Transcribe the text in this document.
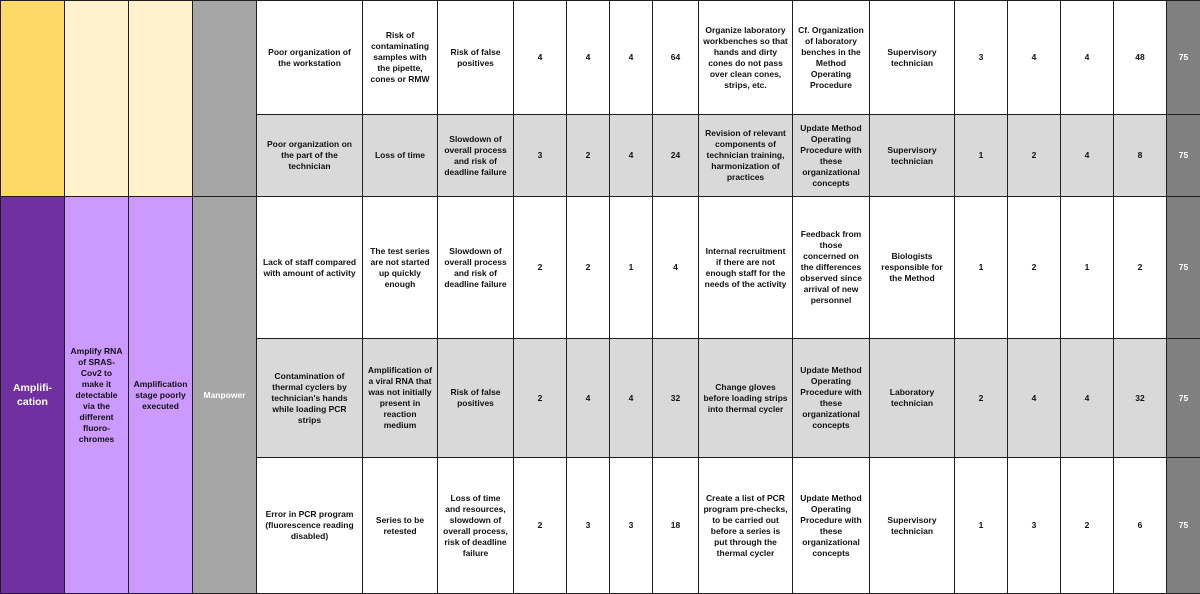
				Poor organization of the workstation	Risk of contaminating samples with the pipette, cones or RMW	Risk of false positives	4	4	4	64	Organize laboratory workbenches so that hands and dirty cones do not pass over clean cones, strips, etc.	Cf. Organization of laboratory benches in the Method Operating Procedure	Supervisory technician	3	4	4	48	75
				Poor organization on the part of the technician	Loss of time	Slowdown of overall process and risk of deadline failure	3	2	4	24	Revision of relevant components of technician training, harmonization of practices	Update Method Operating Procedure with these organizational concepts	Supervisory technician	1	2	4	8	75
Amplifi-cation	Amplify RNA of SRAS-Cov2 to make it detectable via the different fluoro-chromes	Amplification stage poorly executed	Manpower	Lack of staff compared with amount of activity	The test series are not started up quickly enough	Slowdown of overall process and risk of deadline failure	2	2	1	4	Internal recruitment if there are not enough staff for the needs of the activity	Feedback from those concerned on the differences observed since arrival of new personnel	Biologists responsible for the Method	1	2	1	2	75
				Contamination of thermal cyclers by technician's hands while loading PCR strips	Amplification of a viral RNA that was not initially present in reaction medium	Risk of false positives	2	4	4	32	Change gloves before loading strips into thermal cycler	Update Method Operating Procedure with these organizational concepts	Laboratory technician	2	4	4	32	75
				Error in PCR program (fluorescence reading disabled)	Series to be retested	Loss of time and resources, slowdown of overall process, risk of deadline failure	2	3	3	18	Create a list of PCR program pre-checks, to be carried out before a series is put through the thermal cycler	Update Method Operating Procedure with these organizational concepts	Supervisory technician	1	3	2	6	75
